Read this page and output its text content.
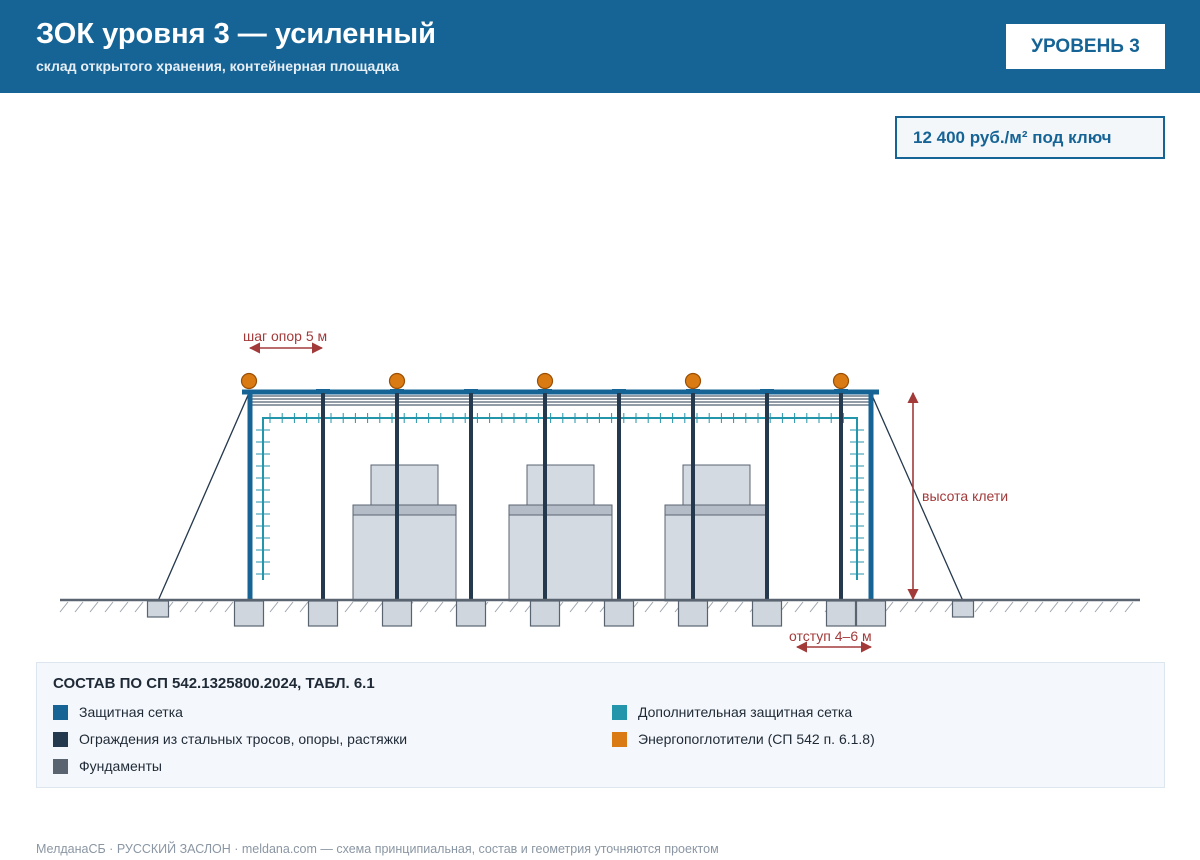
ЗОК уровня 3 — усиленный
склад открытого хранения, контейнерная площадка
УРОВЕНЬ 3
12 400 руб./м² под ключ
шаг опор 5 м
высота клети
отступ 4–6 м
СОСТАВ ПО СП 542.1325800.2024, ТАБЛ. 6.1
Защитная сетка
Ограждения из стальных тросов, опоры, растяжки
Фундаменты
Дополнительная защитная сетка
Энергопоглотители (СП 542 п. 6.1.8)
МелданаСБ · РУССКИЙ ЗАСЛОН · meldana.com — схема принципиальная, состав и геометрия уточняются проектом
